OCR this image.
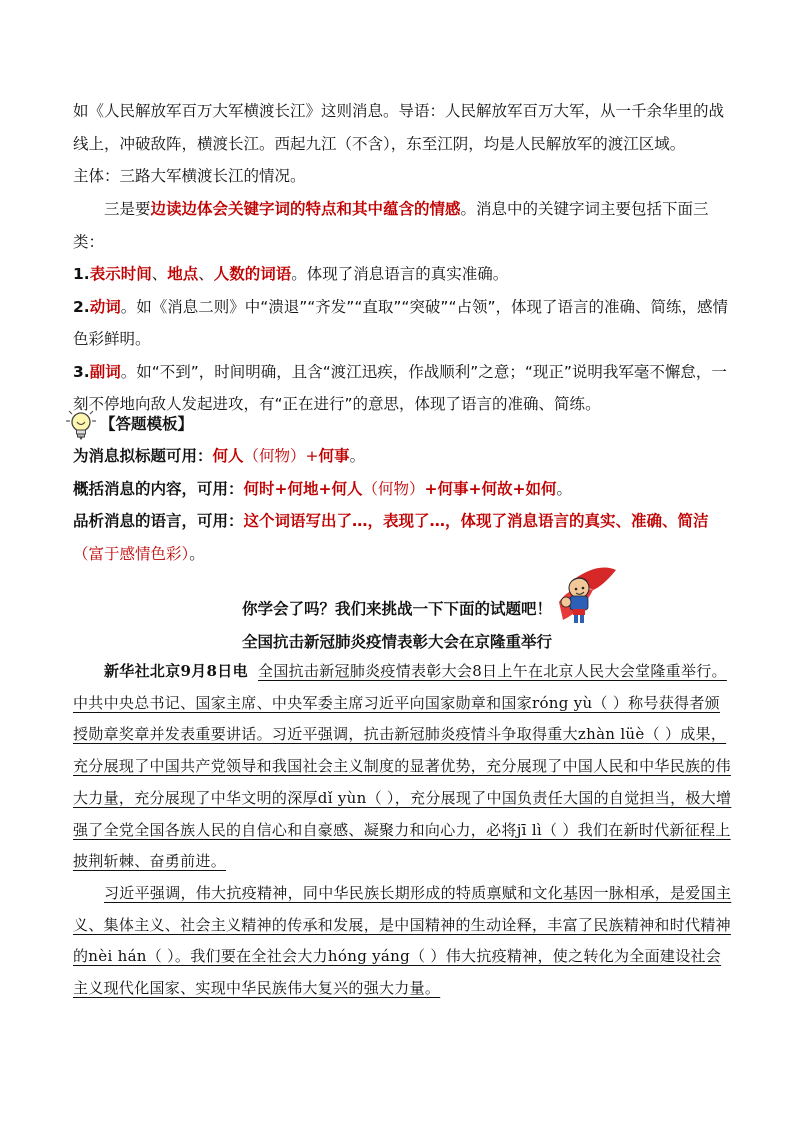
如《人民解放军百万大军横渡长江》这则消息。导语：人民解放军百万大军，从一千余华里的战线上，冲破敌阵，横渡长江。西起九江（不含），东至江阴，均是人民解放军的渡江区域。
主体：三路大军横渡长江的情况。
三是要边读边体会关键字词的特点和其中蕴含的情感。消息中的关键字词主要包括下面三类：
1.表示时间、地点、人数的词语。体现了消息语言的真实准确。
2.动词。如《消息二则》中“溃退”“齐发”“直取”“突破”“占领”，体现了语言的准确、简练，感情色彩鲜明。
3.副词。如“不到”，时间明确，且含“渡江迅疾，作战顺利”之意；“现正”说明我军毫不懈怠，一刻不停地向敌人发起进攻，有“正在进行”的意思，体现了语言的准确、简练。
【答题模板】
为消息拟标题可用：何人（何物）+何事。
概括消息的内容，可用：何时+何地+何人（何物）+何事+何故+如何。
品析消息的语言，可用：这个词语写出了…，表现了…，体现了消息语言的真实、准确、简洁（富于感情色彩）。
你学会了吗？我们来挑战一下下面的试题吧！
全国抗击新冠肺炎疫情表彰大会在京隆重举行
新华社北京9月8日电 全国抗击新冠肺炎疫情表彰大会8日上午在北京人民大会堂隆重举行。中共中央总书记、国家主席、中央军委主席习近平向国家勋章和国家róng yù（ ）称号获得者颁授勋章奖章并发表重要讲话。习近平强调，抗击新冠肺炎疫情斗争取得重大zhàn lüè（ ）成果，充分展现了中国共产党领导和我国社会主义制度的显著优势，充分展现了中国人民和中华民族的伟大力量，充分展现了中华文明的深厚dǐ yùn（ ），充分展现了中国负责任大国的自觉担当，极大增强了全党全国各族人民的自信心和自豪感、凝聚力和向心力，必将jī lì（ ）我们在新时代新征程上披荆斩棘、奋勇前进。
习近平强调，伟大抗疫精神，同中华民族长期形成的特质禀赋和文化基因一脉相承，是爱国主义、集体主义、社会主义精神的传承和发展，是中国精神的生动诠释，丰富了民族精神和时代精神的nèi hán（ ）。我们要在全社会大力hóng yáng（ ）伟大抗疫精神，使之转化为全面建设社会主义现代化国家、实现中华民族伟大复兴的强大力量。
